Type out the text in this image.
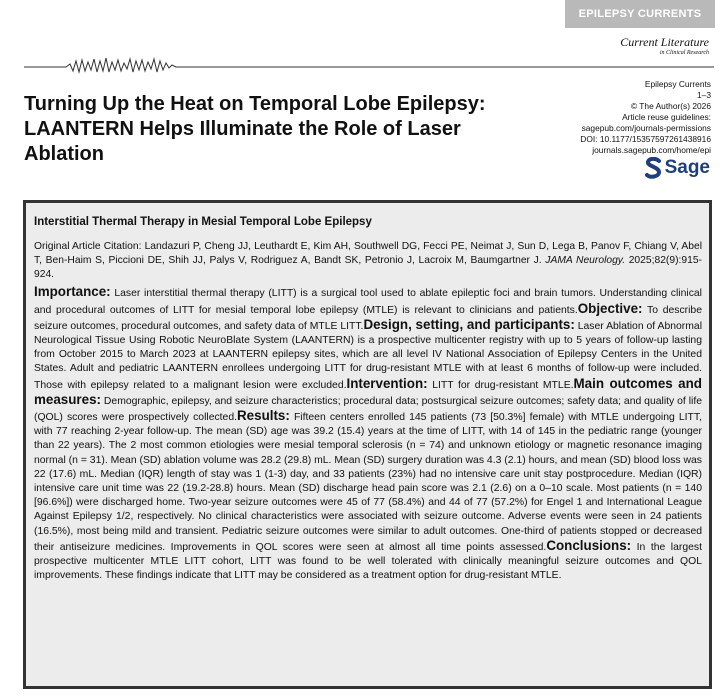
EPILEPSY CURRENTS
Current Literature
in Clinical Research
Epilepsy Currents
1–3
© The Author(s) 2026
Article reuse guidelines:
sagepub.com/journals-permissions
DOI: 10.1177/15357597261438916
journals.sagepub.com/home/epi
Turning Up the Heat on Temporal Lobe Epilepsy: LAANTERN Helps Illuminate the Role of Laser Ablation
Sage
Interstitial Thermal Therapy in Mesial Temporal Lobe Epilepsy

Original Article Citation: Landazuri P, Cheng JJ, Leuthardt E, Kim AH, Southwell DG, Fecci PE, Neimat J, Sun D, Lega B, Panov F, Chiang V, Abel T, Ben-Haim S, Piccioni DE, Shih JJ, Palys V, Rodriguez A, Bandt SK, Petronio J, Lacroix M, Baumgartner J. JAMA Neurology. 2025;82(9):915-924.

Importance: Laser interstitial thermal therapy (LITT) is a surgical tool used to ablate epileptic foci and brain tumors. Understanding clinical and procedural outcomes of LITT for mesial temporal lobe epilepsy (MTLE) is relevant to clinicians and patients.Objective: To describe seizure outcomes, procedural outcomes, and safety data of MTLE LITT.Design, setting, and participants: Laser Ablation of Abnormal Neurological Tissue Using Robotic NeuroBlate System (LAANTERN) is a prospective multicenter registry with up to 5 years of follow-up lasting from October 2015 to March 2023 at LAANTERN epilepsy sites, which are all level IV National Association of Epilepsy Centers in the United States. Adult and pediatric LAANTERN enrollees undergoing LITT for drug-resistant MTLE with at least 6 months of follow-up were included. Those with epilepsy related to a malignant lesion were excluded.Intervention: LITT for drug-resistant MTLE.Main outcomes and measures: Demographic, epilepsy, and seizure characteristics; procedural data; postsurgical seizure outcomes; safety data; and quality of life (QOL) scores were prospectively collected.Results: Fifteen centers enrolled 145 patients (73 [50.3%] female) with MTLE undergoing LITT, with 77 reaching 2-year follow-up. The mean (SD) age was 39.2 (15.4) years at the time of LITT, with 14 of 145 in the pediatric range (younger than 22 years). The 2 most common etiologies were mesial temporal sclerosis (n = 74) and unknown etiology or magnetic resonance imaging normal (n = 31). Mean (SD) ablation volume was 28.2 (29.8) mL. Mean (SD) surgery duration was 4.3 (2.1) hours, and mean (SD) blood loss was 22 (17.6) mL. Median (IQR) length of stay was 1 (1-3) day, and 33 patients (23%) had no intensive care unit stay postprocedure. Median (IQR) intensive care unit time was 22 (19.2-28.8) hours. Mean (SD) discharge head pain score was 2.1 (2.6) on a 0–10 scale. Most patients (n = 140 [96.6%]) were discharged home. Two-year seizure outcomes were 45 of 77 (58.4%) and 44 of 77 (57.2%) for Engel 1 and International League Against Epilepsy 1/2, respectively. No clinical characteristics were associated with seizure outcome. Adverse events were seen in 24 patients (16.5%), most being mild and transient. Pediatric seizure outcomes were similar to adult outcomes. One-third of patients stopped or decreased their antiseizure medicines. Improvements in QOL scores were seen at almost all time points assessed.Conclusions: In the largest prospective multicenter MTLE LITT cohort, LITT was found to be well tolerated with clinically meaningful seizure outcomes and QOL improvements. These findings indicate that LITT may be considered as a treatment option for drug-resistant MTLE.
